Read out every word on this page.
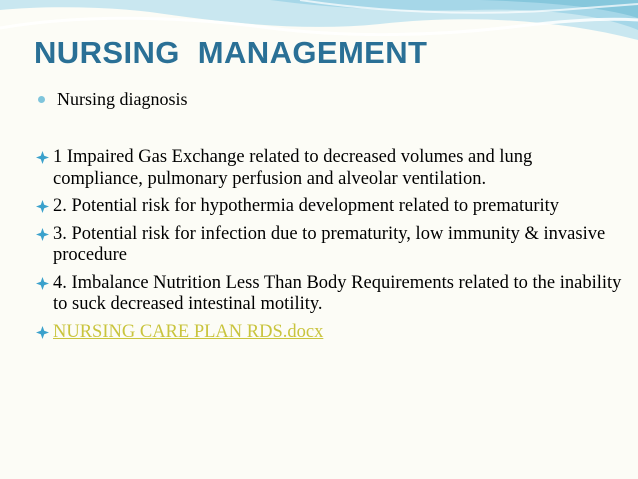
NURSING  MANAGEMENT
Nursing diagnosis
1 Impaired Gas Exchange related to decreased volumes and lung compliance, pulmonary perfusion and alveolar ventilation.
2. Potential risk for hypothermia development related to prematurity
3. Potential risk for infection due to prematurity, low immunity & invasive procedure
4. Imbalance Nutrition Less Than Body Requirements related to the inability to suck decreased intestinal motility.
NURSING CARE PLAN RDS.docx
